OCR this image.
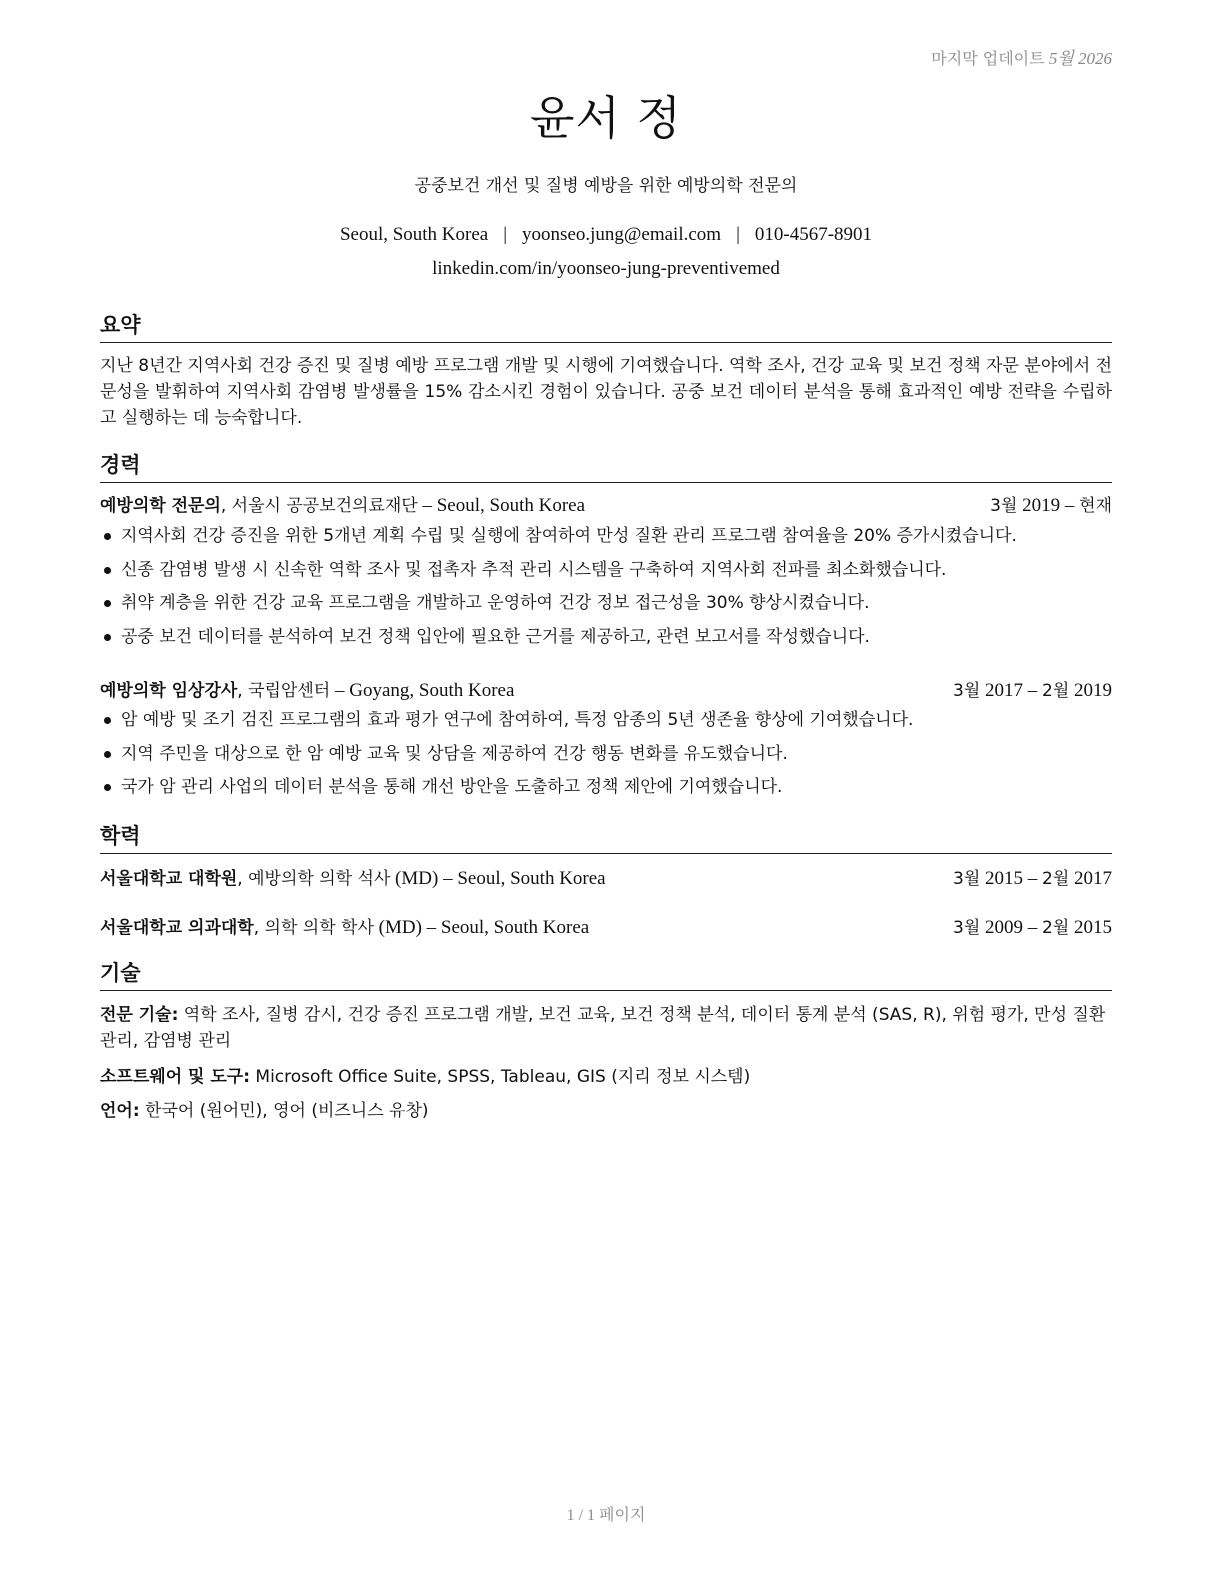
마지막 업데이트 5월 2026
윤서 정
공중보건 개선 및 질병 예방을 위한 예방의학 전문의
Seoul, South Korea | yoonseo.jung@email.com | 010-4567-8901
linkedin.com/in/yoonseo-jung-preventivemed
요약
지난 8년간 지역사회 건강 증진 및 질병 예방 프로그램 개발 및 시행에 기여했습니다. 역학 조사, 건강 교육 및 보건 정책 자문 분야에서 전문성을 발휘하여 지역사회 감염병 발생률을 15% 감소시킨 경험이 있습니다. 공중 보건 데이터 분석을 통해 효과적인 예방 전략을 수립하고 실행하는 데 능숙합니다.
경력
예방의학 전문의, 서울시 공공보건의료재단 – Seoul, South Korea	3월 2019 – 현재
지역사회 건강 증진을 위한 5개년 계획 수립 및 실행에 참여하여 만성 질환 관리 프로그램 참여율을 20% 증가시켰습니다.
신종 감염병 발생 시 신속한 역학 조사 및 접촉자 추적 관리 시스템을 구축하여 지역사회 전파를 최소화했습니다.
취약 계층을 위한 건강 교육 프로그램을 개발하고 운영하여 건강 정보 접근성을 30% 향상시켰습니다.
공중 보건 데이터를 분석하여 보건 정책 입안에 필요한 근거를 제공하고, 관련 보고서를 작성했습니다.
예방의학 임상강사, 국립암센터 – Goyang, South Korea	3월 2017 – 2월 2019
암 예방 및 조기 검진 프로그램의 효과 평가 연구에 참여하여, 특정 암종의 5년 생존율 향상에 기여했습니다.
지역 주민을 대상으로 한 암 예방 교육 및 상담을 제공하여 건강 행동 변화를 유도했습니다.
국가 암 관리 사업의 데이터 분석을 통해 개선 방안을 도출하고 정책 제안에 기여했습니다.
학력
서울대학교 대학원, 예방의학 의학 석사 (MD) – Seoul, South Korea	3월 2015 – 2월 2017
서울대학교 의과대학, 의학 의학 학사 (MD) – Seoul, South Korea	3월 2009 – 2월 2015
기술
전문 기술: 역학 조사, 질병 감시, 건강 증진 프로그램 개발, 보건 교육, 보건 정책 분석, 데이터 통계 분석 (SAS, R), 위험 평가, 만성 질환 관리, 감염병 관리
소프트웨어 및 도구: Microsoft Office Suite, SPSS, Tableau, GIS (지리 정보 시스템)
언어: 한국어 (원어민), 영어 (비즈니스 유창)
1 / 1 페이지
